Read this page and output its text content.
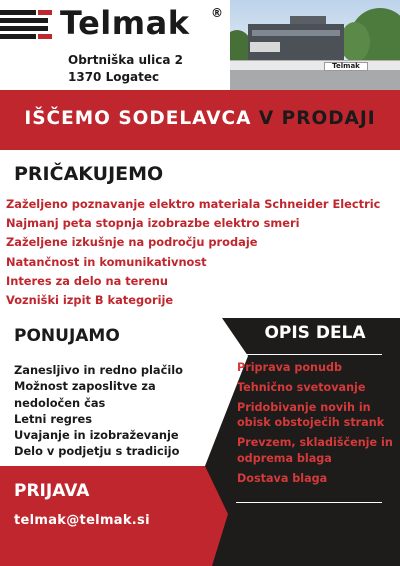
Telmak ®
Obrtniška ulica 2
1370 Logatec
Telmak
IŠČEMO SODELAVCA V PRODAJI
PRIČAKUJEMO
Zaželjeno poznavanje elektro materiala Schneider Electric
Najmanj peta stopnja izobrazbe elektro smeri
Zaželjene izkušnje na področju prodaje
Natančnost in komunikativnost
Interes za delo na terenu
Vozniški izpit B kategorije
PONUJAMO
Zanesljivo in redno plačilo
Možnost zaposlitve za
nedoločen čas
Letni regres
Uvajanje in izobraževanje
Delo v podjetju s tradicijo
OPIS DELA
Priprava ponudb
Tehnično svetovanje
Pridobivanje novih in obisk obstoječih strank
Prevzem, skladiščenje in odprema blaga
Dostava blaga
PRIJAVA
telmak@telmak.si
